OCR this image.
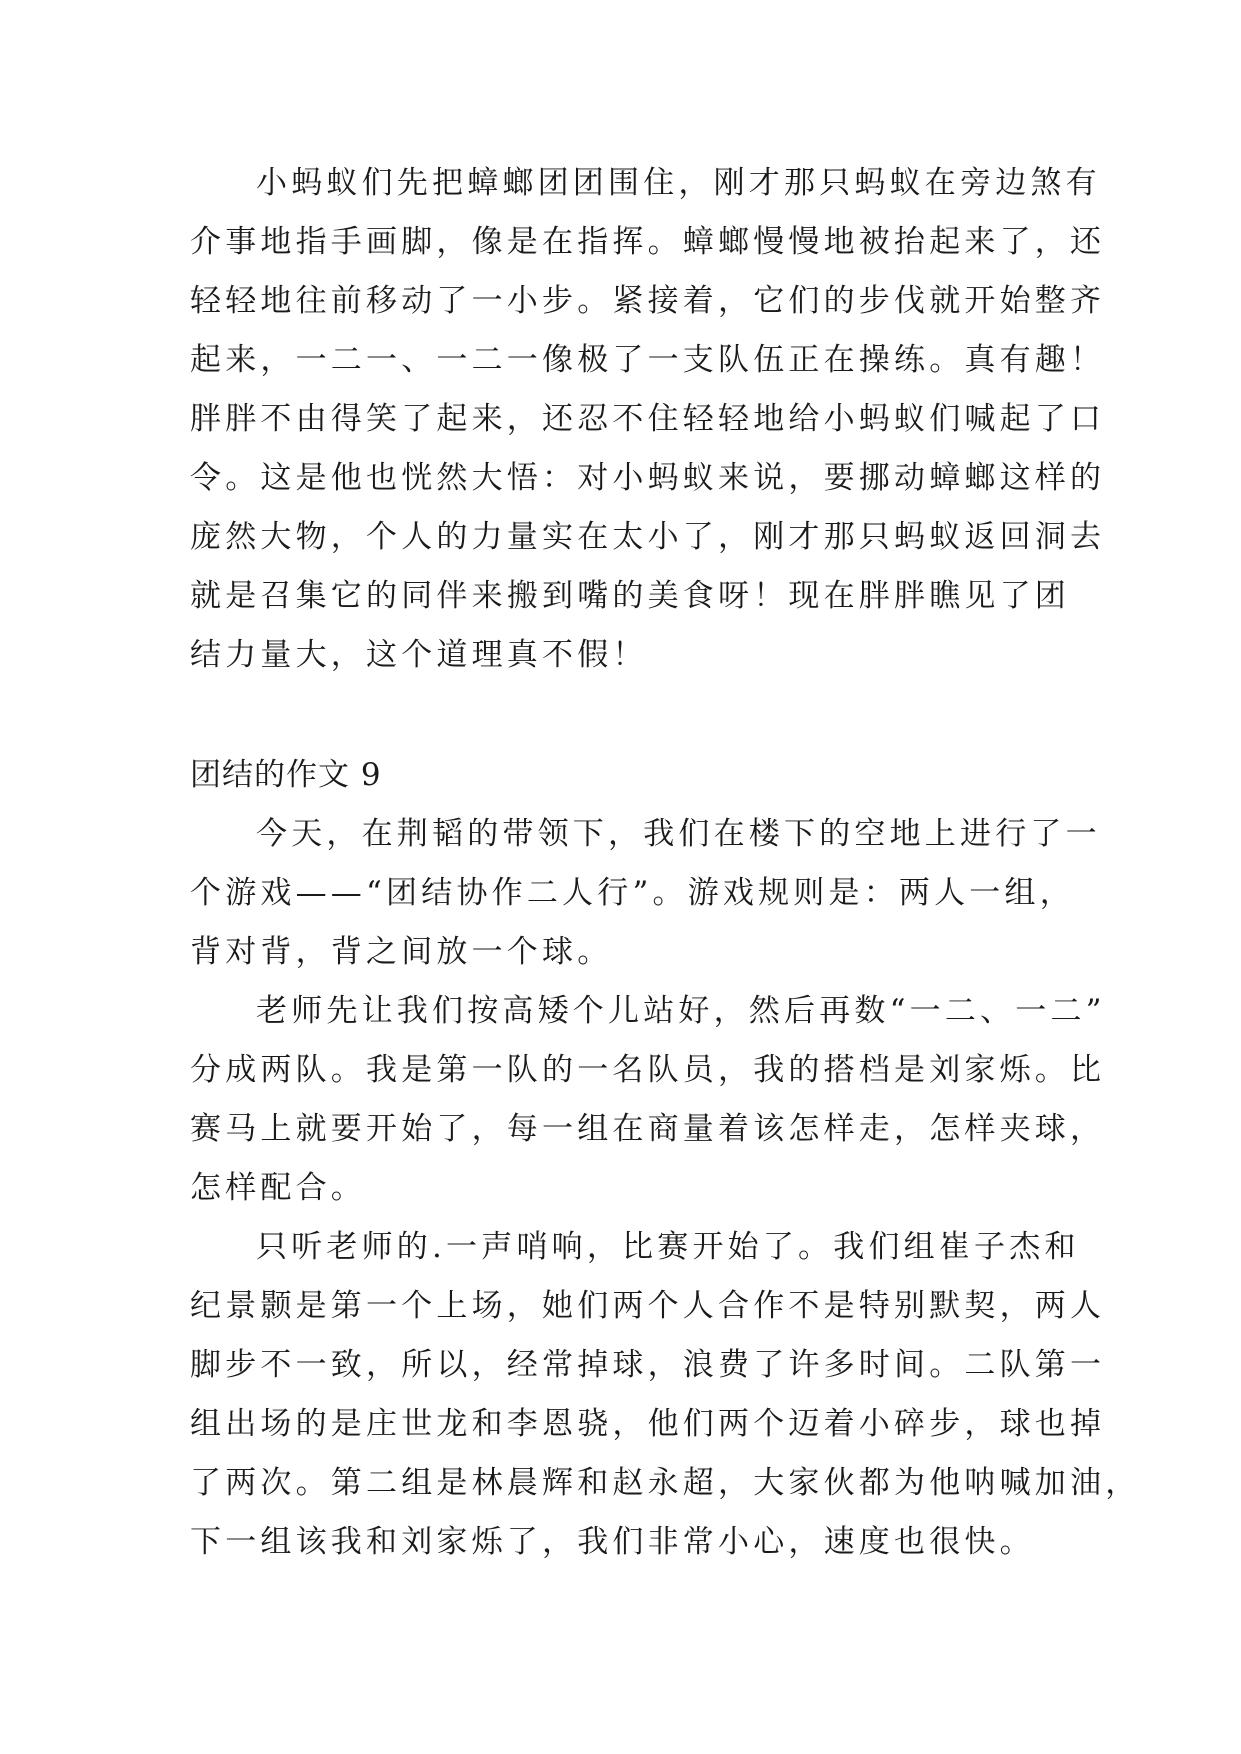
小蚂蚁们先把蟑螂团团围住，刚才那只蚂蚁在旁边煞有
介事地指手画脚，像是在指挥。蟑螂慢慢地被抬起来了，还
轻轻地往前移动了一小步。紧接着，它们的步伐就开始整齐
起来，一二一、一二一像极了一支队伍正在操练。真有趣！
胖胖不由得笑了起来，还忍不住轻轻地给小蚂蚁们喊起了口
令。这是他也恍然大悟：对小蚂蚁来说，要挪动蟑螂这样的
庞然大物，个人的力量实在太小了，刚才那只蚂蚁返回洞去
就是召集它的同伴来搬到嘴的美食呀！现在胖胖瞧见了团
结力量大，这个道理真不假！
团结的作文 9
今天，在荆韬的带领下，我们在楼下的空地上进行了一
个游戏——“团结协作二人行”。游戏规则是：两人一组，
背对背，背之间放一个球。
老师先让我们按高矮个儿站好，然后再数“一二、一二”
分成两队。我是第一队的一名队员，我的搭档是刘家烁。比
赛马上就要开始了，每一组在商量着该怎样走，怎样夹球，
怎样配合。
只听老师的.一声哨响，比赛开始了。我们组崔子杰和
纪景颢是第一个上场，她们两个人合作不是特别默契，两人
脚步不一致，所以，经常掉球，浪费了许多时间。二队第一
组出场的是庄世龙和李恩骁，他们两个迈着小碎步，球也掉
了两次。第二组是林晨辉和赵永超，大家伙都为他呐喊加油，
下一组该我和刘家烁了，我们非常小心，速度也很快。
